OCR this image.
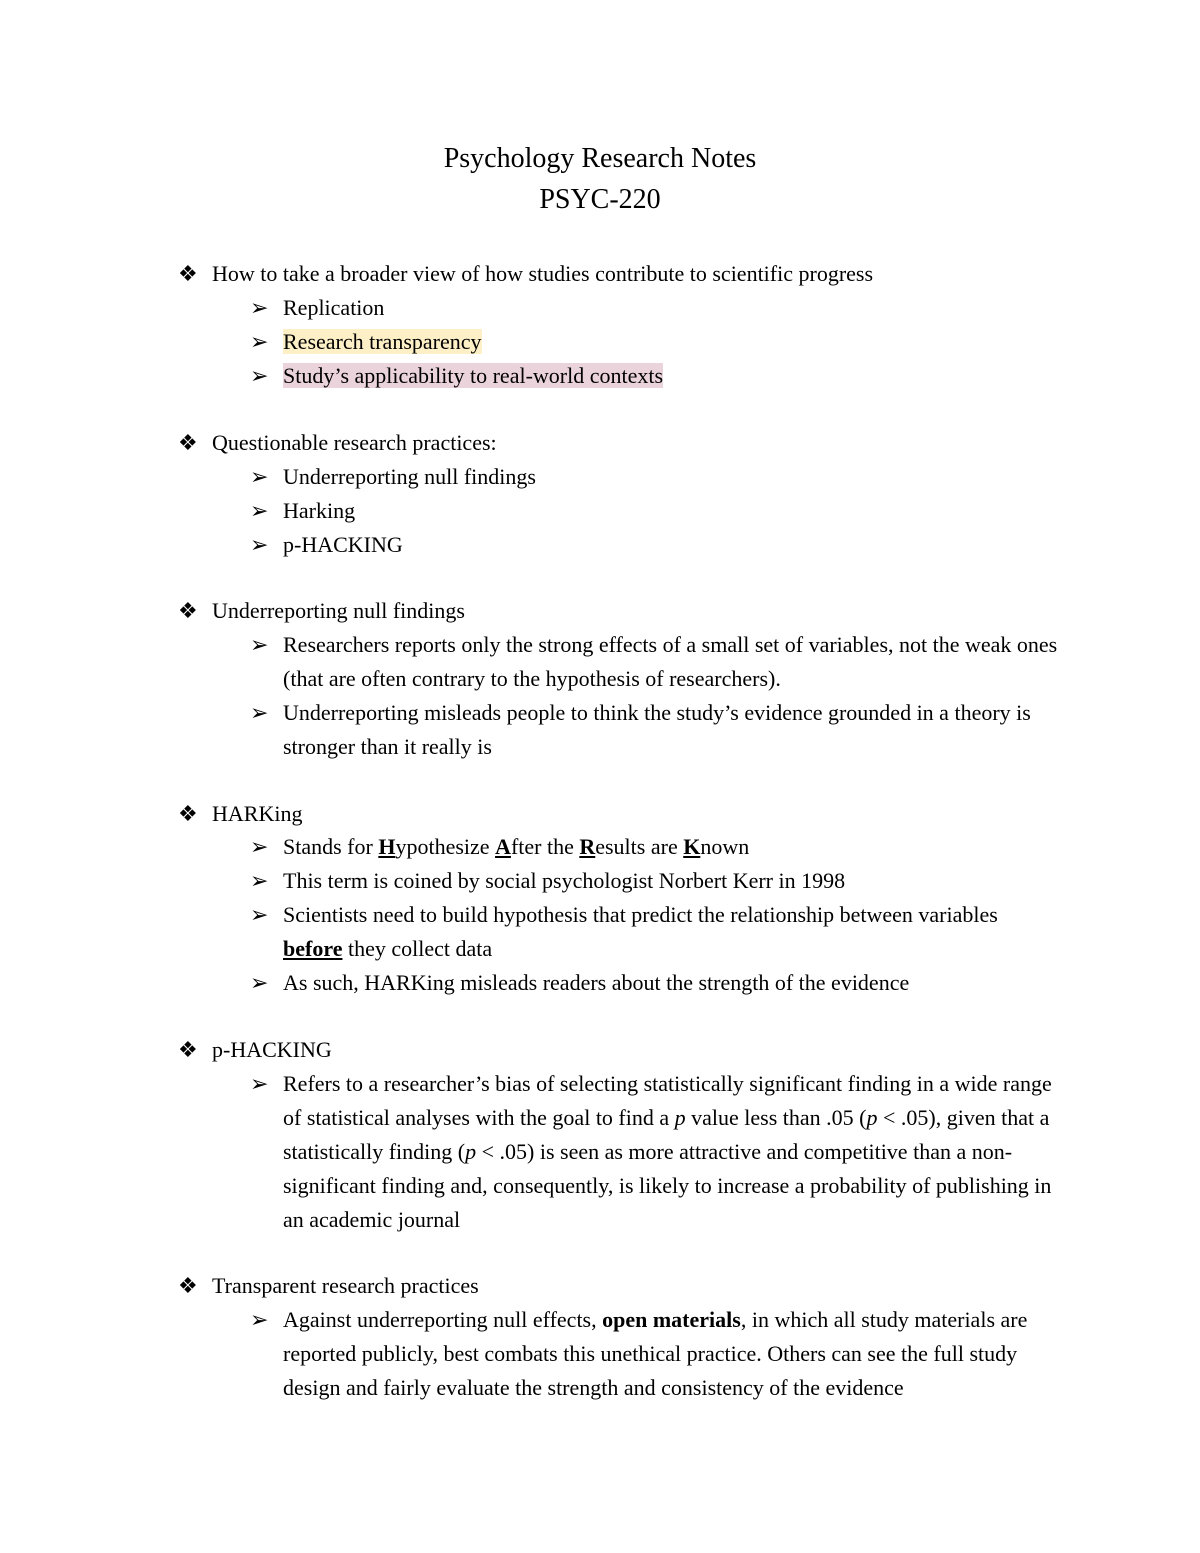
Psychology Research Notes
PSYC-220
❖ How to take a broader view of how studies contribute to scientific progress
➢ Replication
➢ Research transparency
➢ Study’s applicability to real-world contexts
❖ Questionable research practices:
➢ Underreporting null findings
➢ Harking
➢ p-HACKING
❖ Underreporting null findings
➢ Researchers reports only the strong effects of a small set of variables, not the weak ones (that are often contrary to the hypothesis of researchers).
➢ Underreporting misleads people to think the study’s evidence grounded in a theory is stronger than it really is
❖ HARKing
➢ Stands for Hypothesize After the Results are Known
➢ This term is coined by social psychologist Norbert Kerr in 1998
➢ Scientists need to build hypothesis that predict the relationship between variables before they collect data
➢ As such, HARKing misleads readers about the strength of the evidence
❖ p-HACKING
➢ Refers to a researcher’s bias of selecting statistically significant finding in a wide range of statistical analyses with the goal to find a p value less than .05 (p < .05), given that a statistically finding (p < .05) is seen as more attractive and competitive than a non-significant finding and, consequently, is likely to increase a probability of publishing in an academic journal
❖ Transparent research practices
➢ Against underreporting null effects, open materials, in which all study materials are reported publicly, best combats this unethical practice. Others can see the full study design and fairly evaluate the strength and consistency of the evidence
